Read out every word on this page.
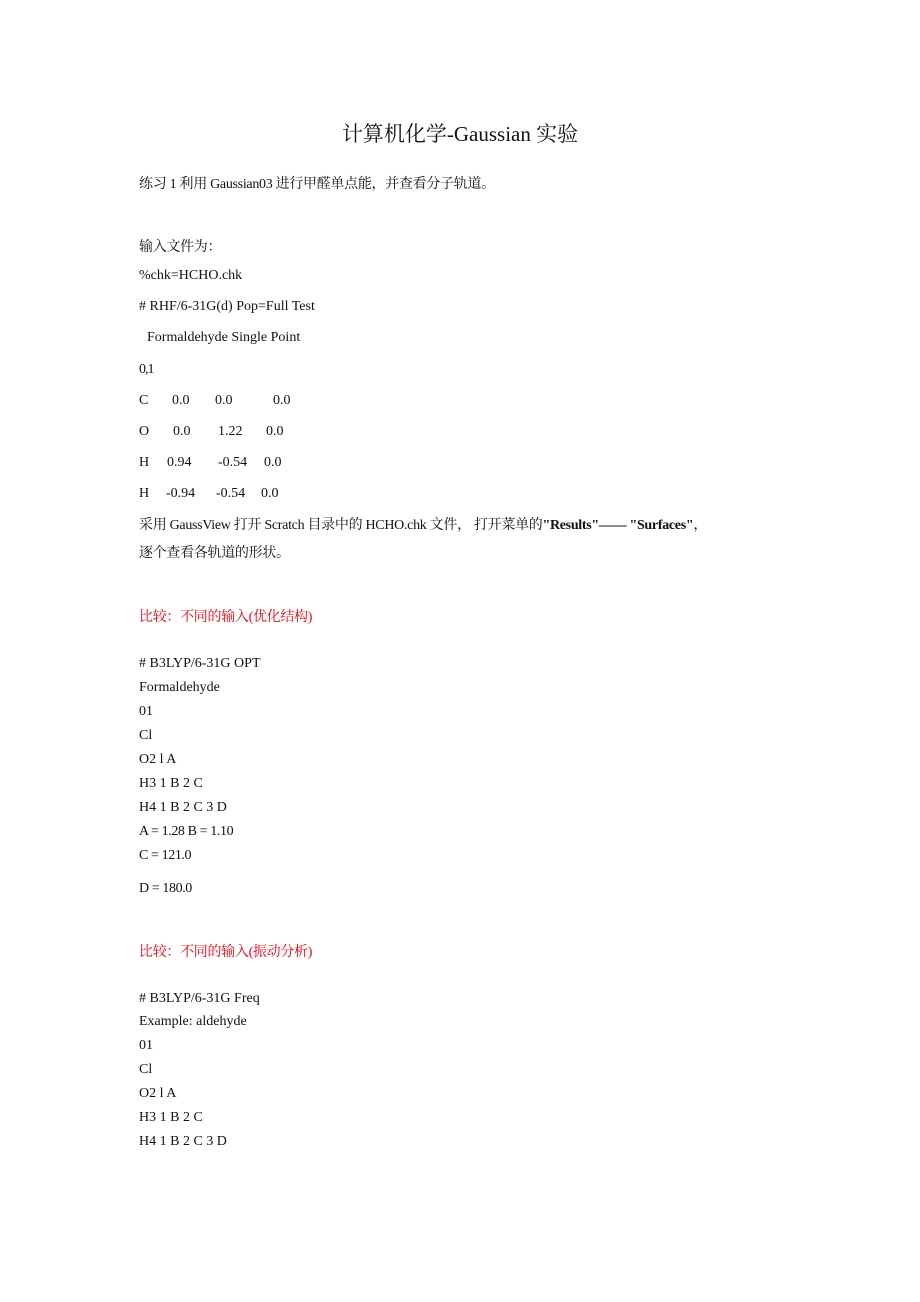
计算机化学-Gaussian 实验
练习 1 利用 Gaussian03 进行甲醛单点能，并查看分子轨道。
输入文件为：
%chk=HCHO.chk
# RHF/6-31G(d) Pop=Full Test
Formaldehyde Single Point
0,1
C 0.0 0.0	0.0
O 0.0 1.22 0.0
H 0.94 -0.54 0.0
H -0.94 -0.54 0.0
采用 GaussView 打开 Scratch 目录中的 HCHO.chk 文件， 打开菜单的"Results"—— "Surfaces"，
逐个查看各轨道的形状。
比较：不同的输入(优化结构)
# B3LYP/6-31G OPT
Formaldehyde
01
Cl
O2 l A
H3 1 B 2 C
H4 1 B 2 C 3 D
A = 1.28 B = 1.10
C = 121.0
D = 180.0
比较：不同的输入(振动分析)
# B3LYP/6-31G Freq
Example: aldehyde
01
Cl
O2 l A
H3 1 B 2 C
H4 1 B 2 C 3 D
